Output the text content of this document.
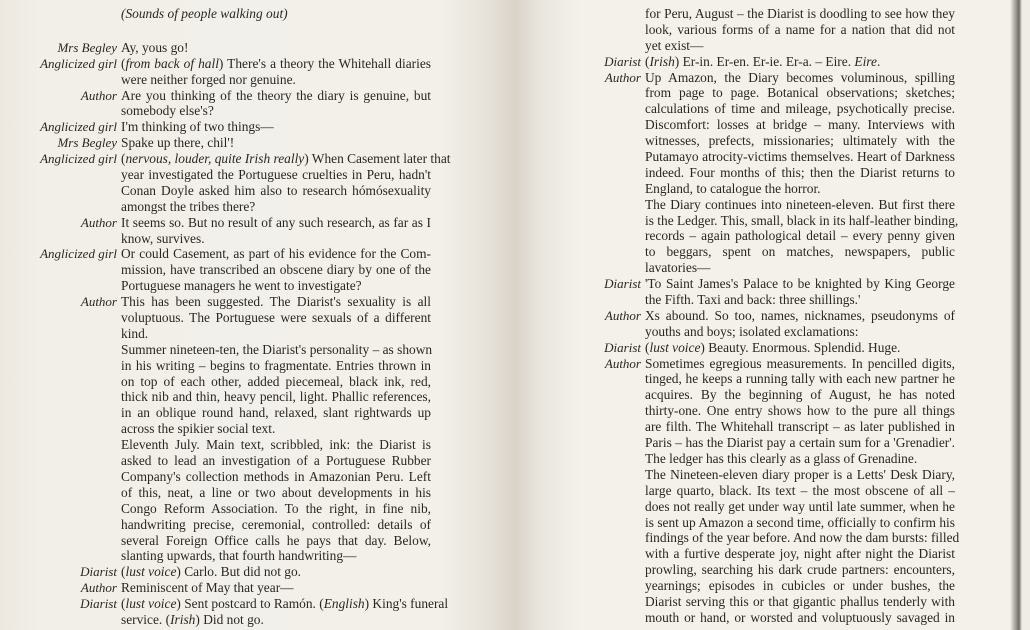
(Sounds of people walking out)
Mrs Begley Ay, yous go!
Anglicized girl (from back of hall) There's a theory the Whitehall diaries
were neither forged nor genuine.
Author Are you thinking of the theory the diary is genuine, but
somebody else's?
Anglicized girl I'm thinking of two things—
Mrs Begley Spake up there, chil'!
Anglicized girl (nervous, louder, quite Irish really) When Casement later that
year investigated the Portuguese cruelties in Peru, hadn't
Conan Doyle asked him also to research hómósexuality
amongst the tribes there?
Author It seems so. But no result of any such research, as far as I
know, survives.
Anglicized girl Or could Casement, as part of his evidence for the Com-
mission, have transcribed an obscene diary by one of the
Portuguese managers he went to investigate?
Author This has been suggested. The Diarist's sexuality is all
voluptuous. The Portuguese were sexuals of a different
kind.
Summer nineteen-ten, the Diarist's personality – as shown
in his writing – begins to fragmentate. Entries thrown in
on top of each other, added piecemeal, black ink, red,
thick nib and thin, heavy pencil, light. Phallic references,
in an oblique round hand, relaxed, slant rightwards up
across the spikier social text.
Eleventh July. Main text, scribbled, ink: the Diarist is
asked to lead an investigation of a Portuguese Rubber
Company's collection methods in Amazonian Peru. Left
of this, neat, a line or two about developments in his
Congo Reform Association. To the right, in fine nib,
handwriting precise, ceremonial, controlled: details of
several Foreign Office calls he pays that day. Below,
slanting upwards, that fourth handwriting—
Diarist (lust voice) Carlo. But did not go.
Author Reminiscent of May that year—
Diarist (lust voice) Sent postcard to Ramón. (English) King's funeral
service. (Irish) Did not go.
for Peru, August – the Diarist is doodling to see how they
look, various forms of a name for a nation that did not
yet exist—
Diarist (Irish) Er-in. Er-en. Er-ie. Er-a. – Eire. Eire.
Author Up Amazon, the Diary becomes voluminous, spilling
from page to page. Botanical observations; sketches;
calculations of time and mileage, psychotically precise.
Discomfort: losses at bridge – many. Interviews with
witnesses, prefects, missionaries; ultimately with the
Putamayo atrocity-victims themselves. Heart of Darkness
indeed. Four months of this; then the Diarist returns to
England, to catalogue the horror.
The Diary continues into nineteen-eleven. But first there
is the Ledger. This, small, black in its half-leather binding,
records – again pathological detail – every penny given
to beggars, spent on matches, newspapers, public
lavatories—
Diarist 'To Saint James's Palace to be knighted by King George
the Fifth. Taxi and back: three shillings.'
Author Xs abound. So too, names, nicknames, pseudonyms of
youths and boys; isolated exclamations:
Diarist (lust voice) Beauty. Enormous. Splendid. Huge.
Author Sometimes egregious measurements. In pencilled digits,
tinged, he keeps a running tally with each new partner he
acquires. By the beginning of August, he has noted
thirty-one. One entry shows how to the pure all things
are filth. The Whitehall transcript – as later published in
Paris – has the Diarist pay a certain sum for a 'Grenadier'.
The ledger has this clearly as a glass of Grenadine.
The Nineteen-eleven diary proper is a Letts' Desk Diary,
large quarto, black. Its text – the most obscene of all –
does not really get under way until late summer, when he
is sent up Amazon a second time, officially to confirm his
findings of the year before. And now the dam bursts: filled
with a furtive desperate joy, night after night the Diarist
prowling, searching his dark crude partners: encounters,
yearnings; episodes in cubicles or under bushes, the
Diarist serving this or that gigantic phallus tenderly with
mouth or hand, or worsted and voluptuously savaged in
